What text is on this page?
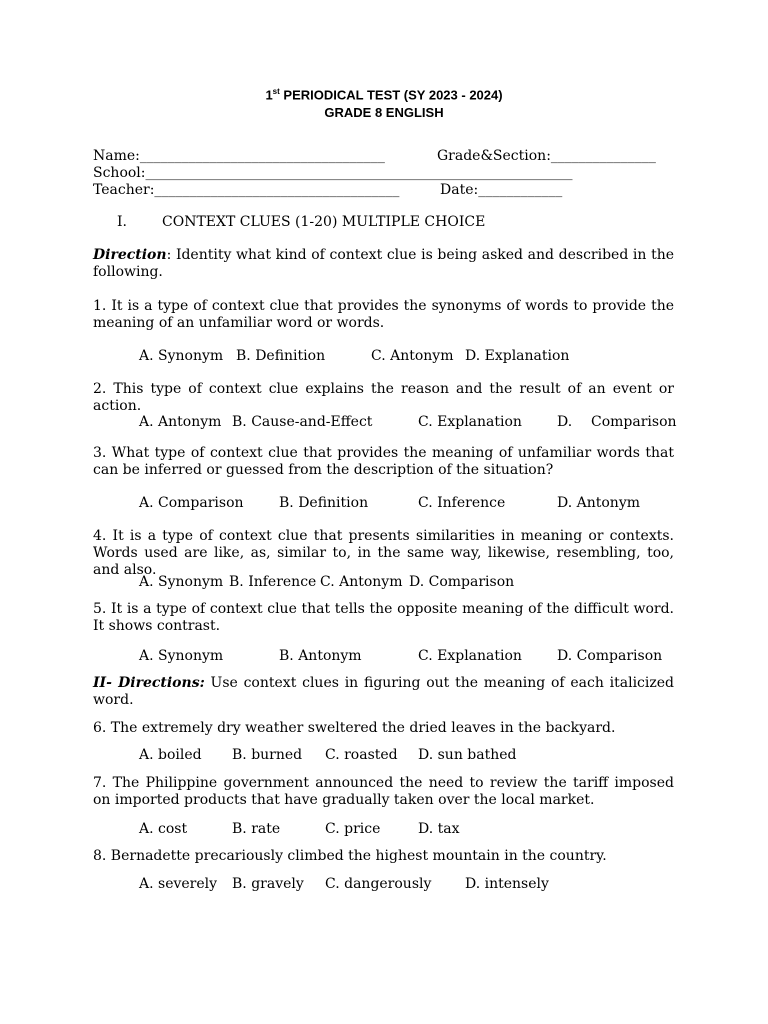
1st PERIODICAL TEST (SY 2023 - 2024)
GRADE 8 ENGLISH
Name:___________________________________	Grade&Section:_______________
School:_____________________________________________________________
Teacher:___________________________________	Date:____________
I.	CONTEXT CLUES (1-20) MULTIPLE CHOICE
Direction: Identity what kind of context clue is being asked and described in the following.
1. It is a type of context clue that provides the synonyms of words to provide the meaning of an unfamiliar word or words.
A. Synonym B. Definition	C. Antonym D. Explanation
2. This type of context clue explains the reason and the result of an event or action.
A. Antonym B. Cause-and-Effect	C. Explanation	D. Comparison
3. What type of context clue that provides the meaning of unfamiliar words that can be inferred or guessed from the description of the situation?
A. Comparison	B. Definition	C. Inference	D. Antonym
4. It is a type of context clue that presents similarities in meaning or contexts. Words used are like, as, similar to, in the same way, likewise, resembling, too, and also.
A. Synonym B. Inference C. Antonym D. Comparison
5. It is a type of context clue that tells the opposite meaning of the difficult word. It shows contrast.
A. Synonym	B. Antonym	C. Explanation	D. Comparison
II- Directions: Use context clues in figuring out the meaning of each italicized word.
6. The extremely dry weather sweltered the dried leaves in the backyard.
A. boiled B. burned C. roasted D. sun bathed
7. The Philippine government announced the need to review the tariff imposed on imported products that have gradually taken over the local market.
A. cost	B. rate	C. price	D. tax
8. Bernadette precariously climbed the highest mountain in the country.
A. severely B. gravely C. dangerously D. intensely
